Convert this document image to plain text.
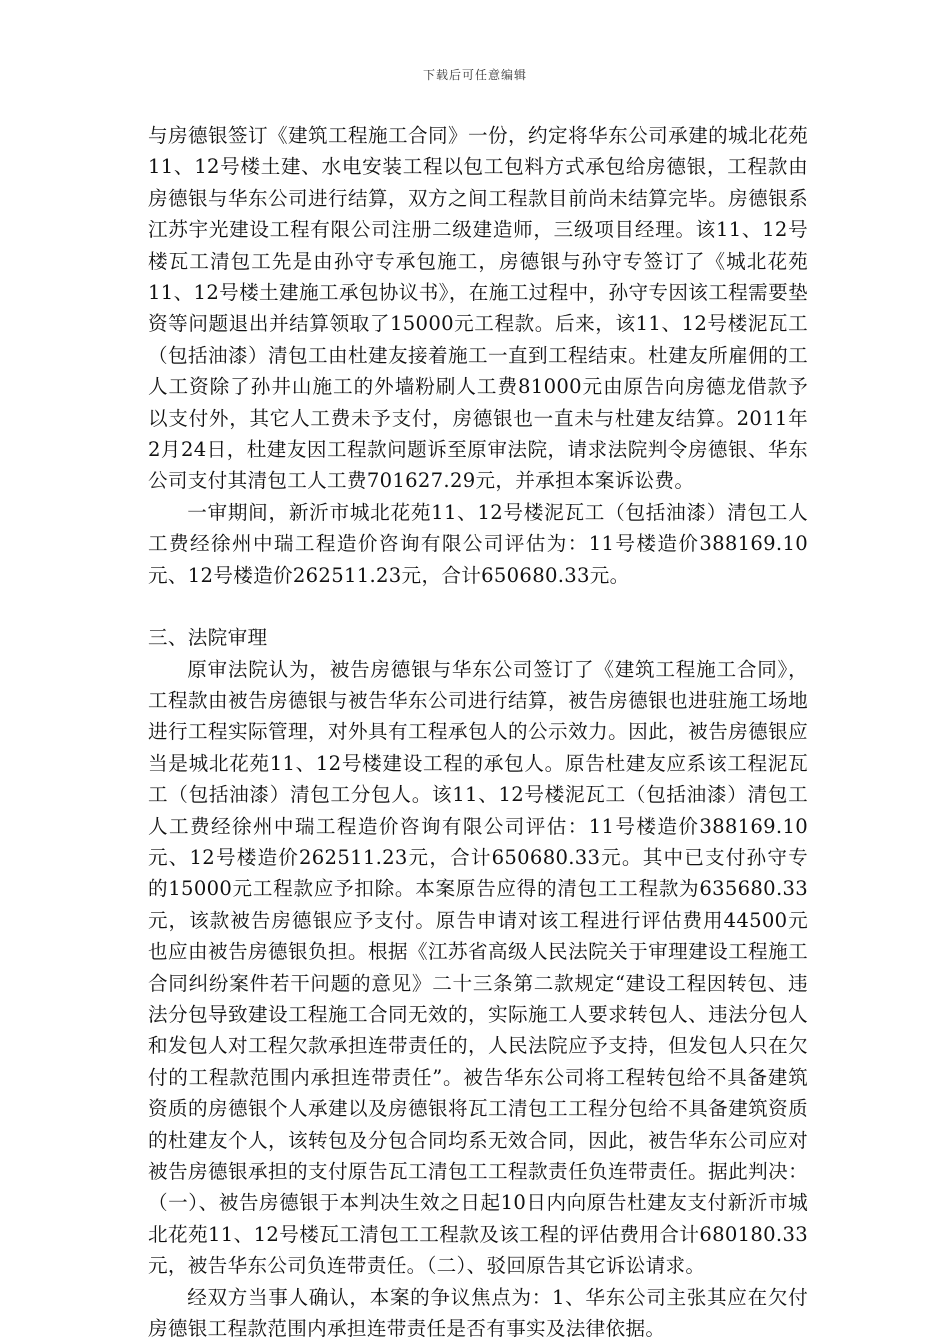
下载后可任意编辑

与房德银签订《建筑工程施工合同》一份，约定将华东公司承建的城北花苑11、12号楼土建、水电安装工程以包工包料方式承包给房德银，工程款由房德银与华东公司进行结算，双方之间工程款目前尚未结算完毕。房德银系江苏宇光建设工程有限公司注册二级建造师，三级项目经理。该11、12号楼瓦工清包工先是由孙守专承包施工，房德银与孙守专签订了《城北花苑11、12号楼土建施工承包协议书》，在施工过程中，孙守专因该工程需要垫资等问题退出并结算领取了15000元工程款。后来，该11、12号楼泥瓦工（包括油漆）清包工由杜建友接着施工一直到工程结束。杜建友所雇佣的工人工资除了孙井山施工的外墙粉刷人工费81000元由原告向房德龙借款予以支付外，其它人工费未予支付，房德银也一直未与杜建友结算。2011年2月24日，杜建友因工程款问题诉至原审法院，请求法院判令房德银、华东公司支付其清包工人工费701627.29元，并承担本案诉讼费。

一审期间，新沂市城北花苑11、12号楼泥瓦工（包括油漆）清包工人工费经徐州中瑞工程造价咨询有限公司评估为：11号楼造价388169.10元、12号楼造价262511.23元，合计650680.33元。

三、法院审理

原审法院认为，被告房德银与华东公司签订了《建筑工程施工合同》，工程款由被告房德银与被告华东公司进行结算，被告房德银也进驻施工场地进行工程实际管理，对外具有工程承包人的公示效力。因此，被告房德银应当是城北花苑11、12号楼建设工程的承包人。原告杜建友应系该工程泥瓦工（包括油漆）清包工分包人。该11、12号楼泥瓦工（包括油漆）清包工人工费经徐州中瑞工程造价咨询有限公司评估：11号楼造价388169.10元、12号楼造价262511.23元，合计650680.33元。其中已支付孙守专的15000元工程款应予扣除。本案原告应得的清包工工程款为635680.33元，该款被告房德银应予支付。原告申请对该工程进行评估费用44500元也应由被告房德银负担。根据《江苏省高级人民法院关于审理建设工程施工合同纠纷案件若干问题的意见》二十三条第二款规定“建设工程因转包、违法分包导致建设工程施工合同无效的，实际施工人要求转包人、违法分包人和发包人对工程欠款承担连带责任的，人民法院应予支持，但发包人只在欠付的工程款范围内承担连带责任”。被告华东公司将工程转包给不具备建筑资质的房德银个人承建以及房德银将瓦工清包工工程分包给不具备建筑资质的杜建友个人，该转包及分包合同均系无效合同，因此，被告华东公司应对被告房德银承担的支付原告瓦工清包工工程款责任负连带责任。据此判决：（一）、被告房德银于本判决生效之日起10日内向原告杜建友支付新沂市城北花苑11、12号楼瓦工清包工工程款及该工程的评估费用合计680180.33元，被告华东公司负连带责任。（二）、驳回原告其它诉讼请求。

经双方当事人确认，本案的争议焦点为：1、华东公司主张其应在欠付房德银工程款范围内承担连带责任是否有事实及法律依据。
